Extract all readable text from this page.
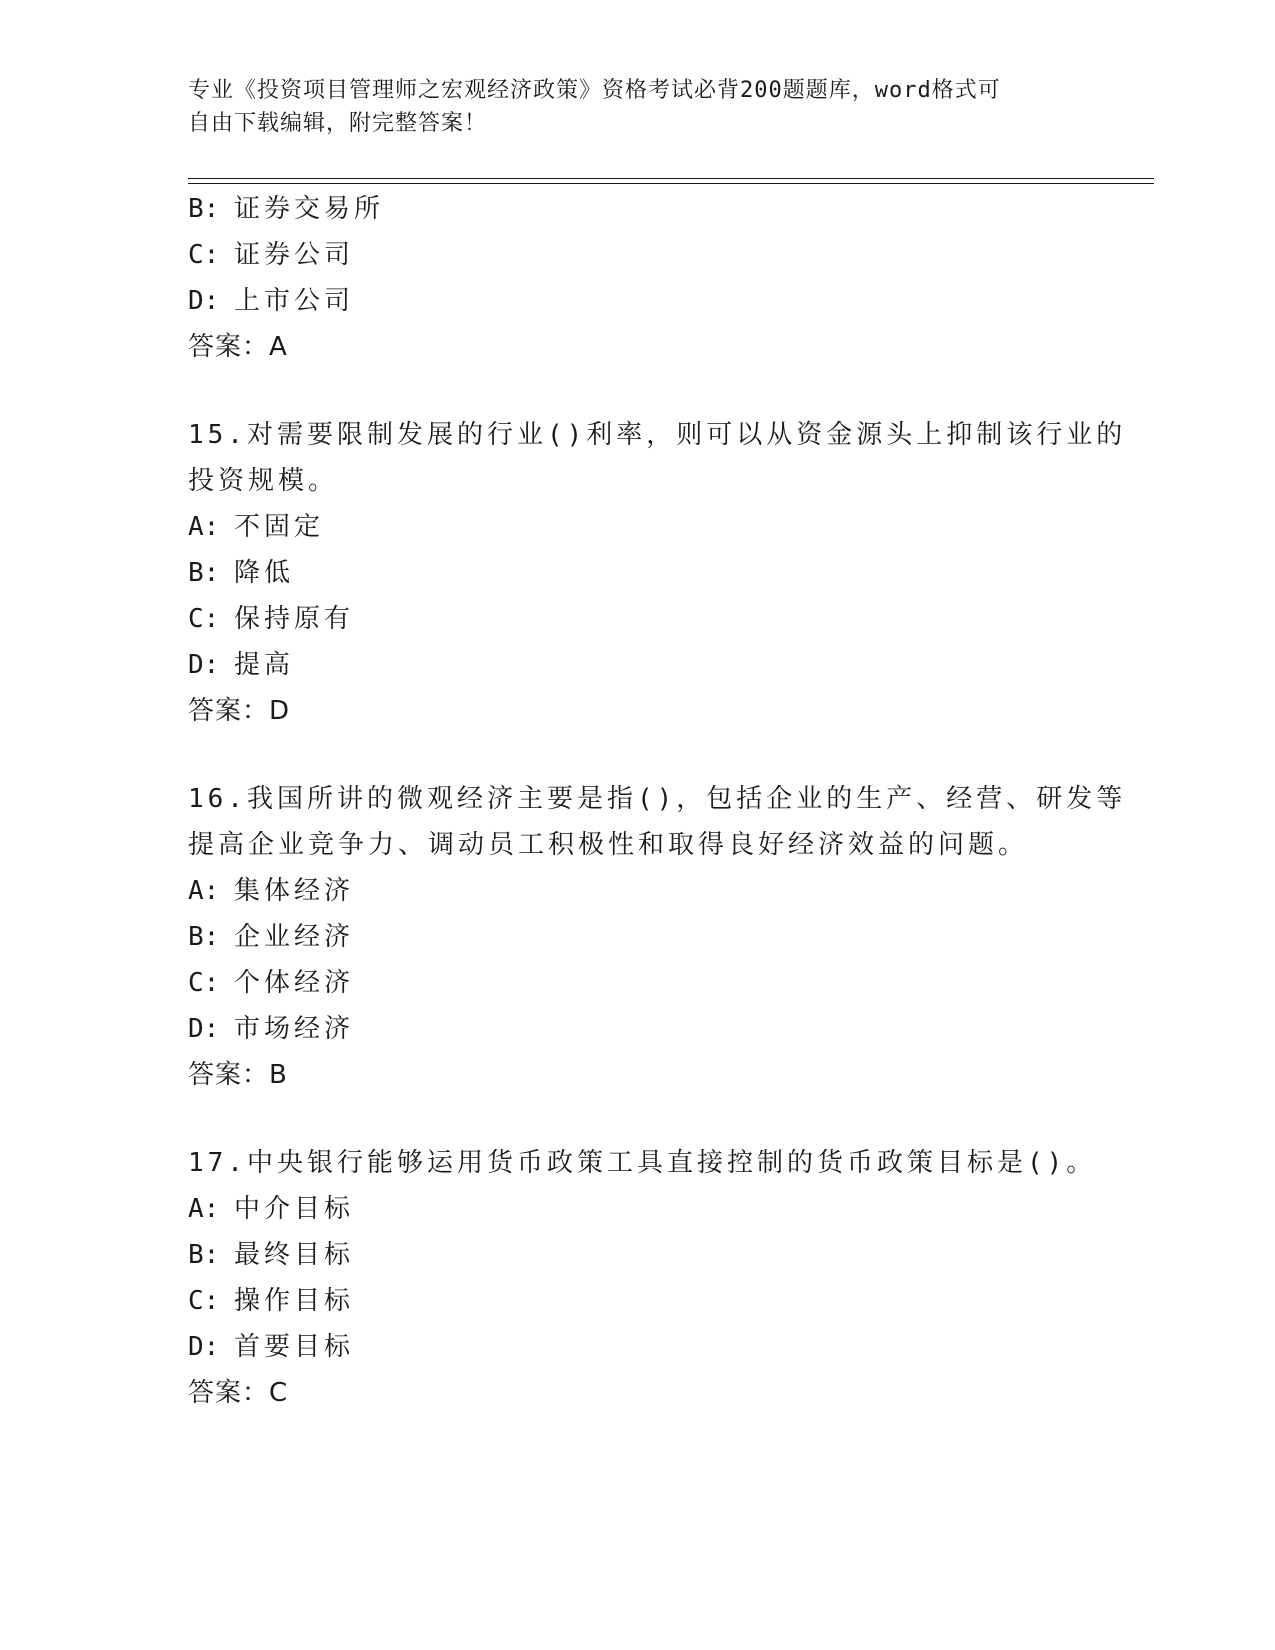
专业《投资项目管理师之宏观经济政策》资格考试必背200题题库，word格式可
自由下载编辑，附完整答案！
B: 证券交易所
C: 证券公司
D: 上市公司
答案：A
15.对需要限制发展的行业()利率，则可以从资金源头上抑制该行业的
投资规模。
A: 不固定
B: 降低
C: 保持原有
D: 提高
答案：D
16.我国所讲的微观经济主要是指()，包括企业的生产、经营、研发等
提高企业竞争力、调动员工积极性和取得良好经济效益的问题。
A: 集体经济
B: 企业经济
C: 个体经济
D: 市场经济
答案：B
17.中央银行能够运用货币政策工具直接控制的货币政策目标是()。
A: 中介目标
B: 最终目标
C: 操作目标
D: 首要目标
答案：C
